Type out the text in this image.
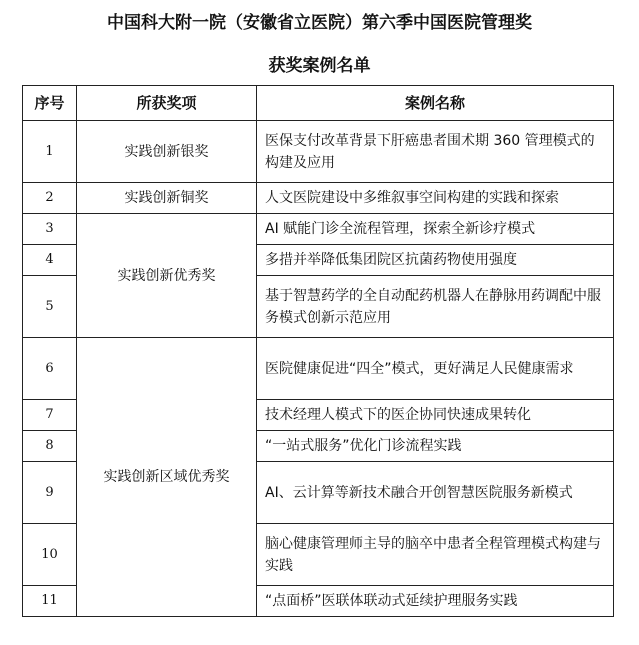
中国科大附一院（安徽省立医院）第六季中国医院管理奖
获奖案例名单
序号	所获奖项	案例名称
1	实践创新银奖	医保支付改革背景下肝癌患者围术期 360 管理模式的构建及应用
2	实践创新铜奖	人文医院建设中多维叙事空间构建的实践和探索
3	实践创新优秀奖	AI 赋能门诊全流程管理，探索全新诊疗模式
4		多措并举降低集团院区抗菌药物使用强度
5		基于智慧药学的全自动配药机器人在静脉用药调配中服务模式创新示范应用
6	实践创新区域优秀奖	医院健康促进“四全”模式，更好满足人民健康需求
7		技术经理人模式下的医企协同快速成果转化
8		“一站式服务”优化门诊流程实践
9		AI、云计算等新技术融合开创智慧医院服务新模式
10		脑心健康管理师主导的脑卒中患者全程管理模式构建与实践
11		“点面桥”医联体联动式延续护理服务实践
